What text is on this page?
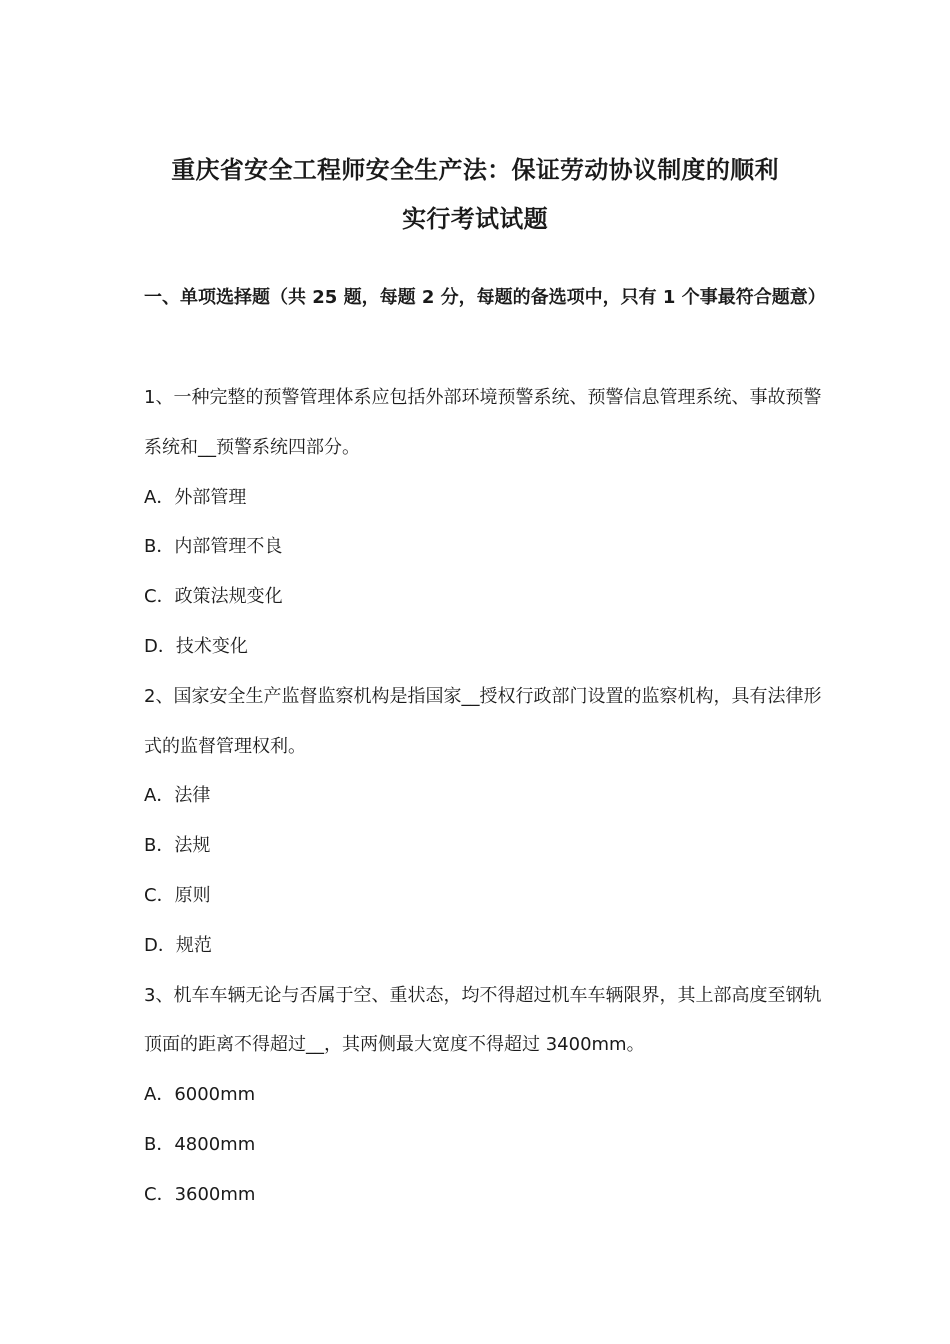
重庆省安全工程师安全生产法：保证劳动协议制度的顺利
实行考试试题

一、单项选择题（共 25 题，每题 2 分，每题的备选项中，只有 1 个事最符合题意）

1、一种完整的预警管理体系应包括外部环境预警系统、预警信息管理系统、事故预警系统和__预警系统四部分。

A．外部管理

B．内部管理不良

C．政策法规变化

D．技术变化

2、国家安全生产监督监察机构是指国家__授权行政部门设置的监察机构，具有法律形式的监督管理权利。

A．法律

B．法规

C．原则

D．规范

3、机车车辆无论与否属于空、重状态，均不得超过机车车辆限界，其上部高度至钢轨顶面的距离不得超过__，其两侧最大宽度不得超过 3400mm。

A．6000mm

B．4800mm

C．3600mm
